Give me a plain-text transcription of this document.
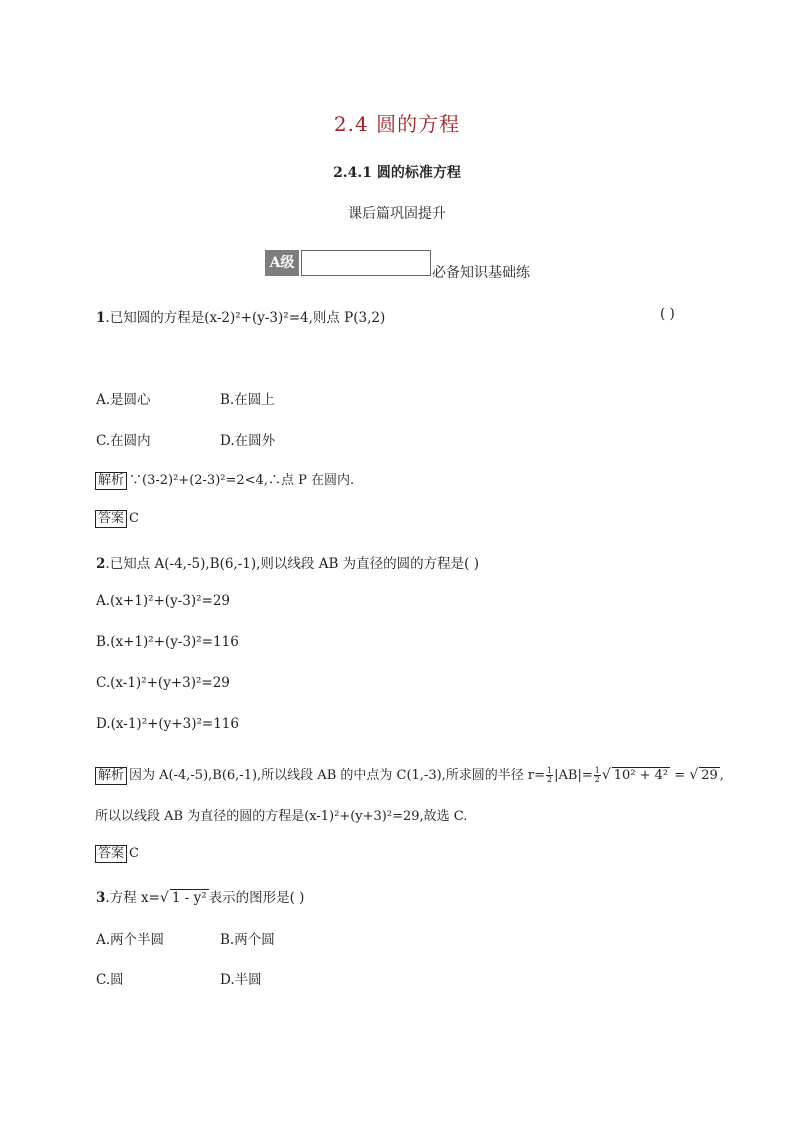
2.4 圆的方程
2.4.1 圆的标准方程
课后篇巩固提升
A级
必备知识基础练
1.已知圆的方程是(x-2)²+(y-3)²=4,则点 P(3,2)	( )
A.是圆心	B.在圆上
C.在圆内	D.在圆外
解析 ∵(3-2)²+(2-3)²=2<4,∴点 P 在圆内.
答案 C
2.已知点 A(-4,-5),B(6,-1),则以线段 AB 为直径的圆的方程是( )
A.(x+1)²+(y-3)²=29
B.(x+1)²+(y-3)²=116
C.(x-1)²+(y+3)²=29
D.(x-1)²+(y+3)²=116
解析 因为 A(-4,-5),B(6,-1),所以线段 AB 的中点为 C(1,-3),所求圆的半径 $r= \frac{1}{2} |AB|= \frac{1}{2}$ √ 10² + 4² = √ 29 ,
所以以线段 AB 为直径的圆的方程是(x-1)²+(y+3)²=29,故选 C.
答案 C
3.方程 x=√ 1 - y² 表示的图形是( )
A.两个半圆	B.两个圆
C.圆	D.半圆
